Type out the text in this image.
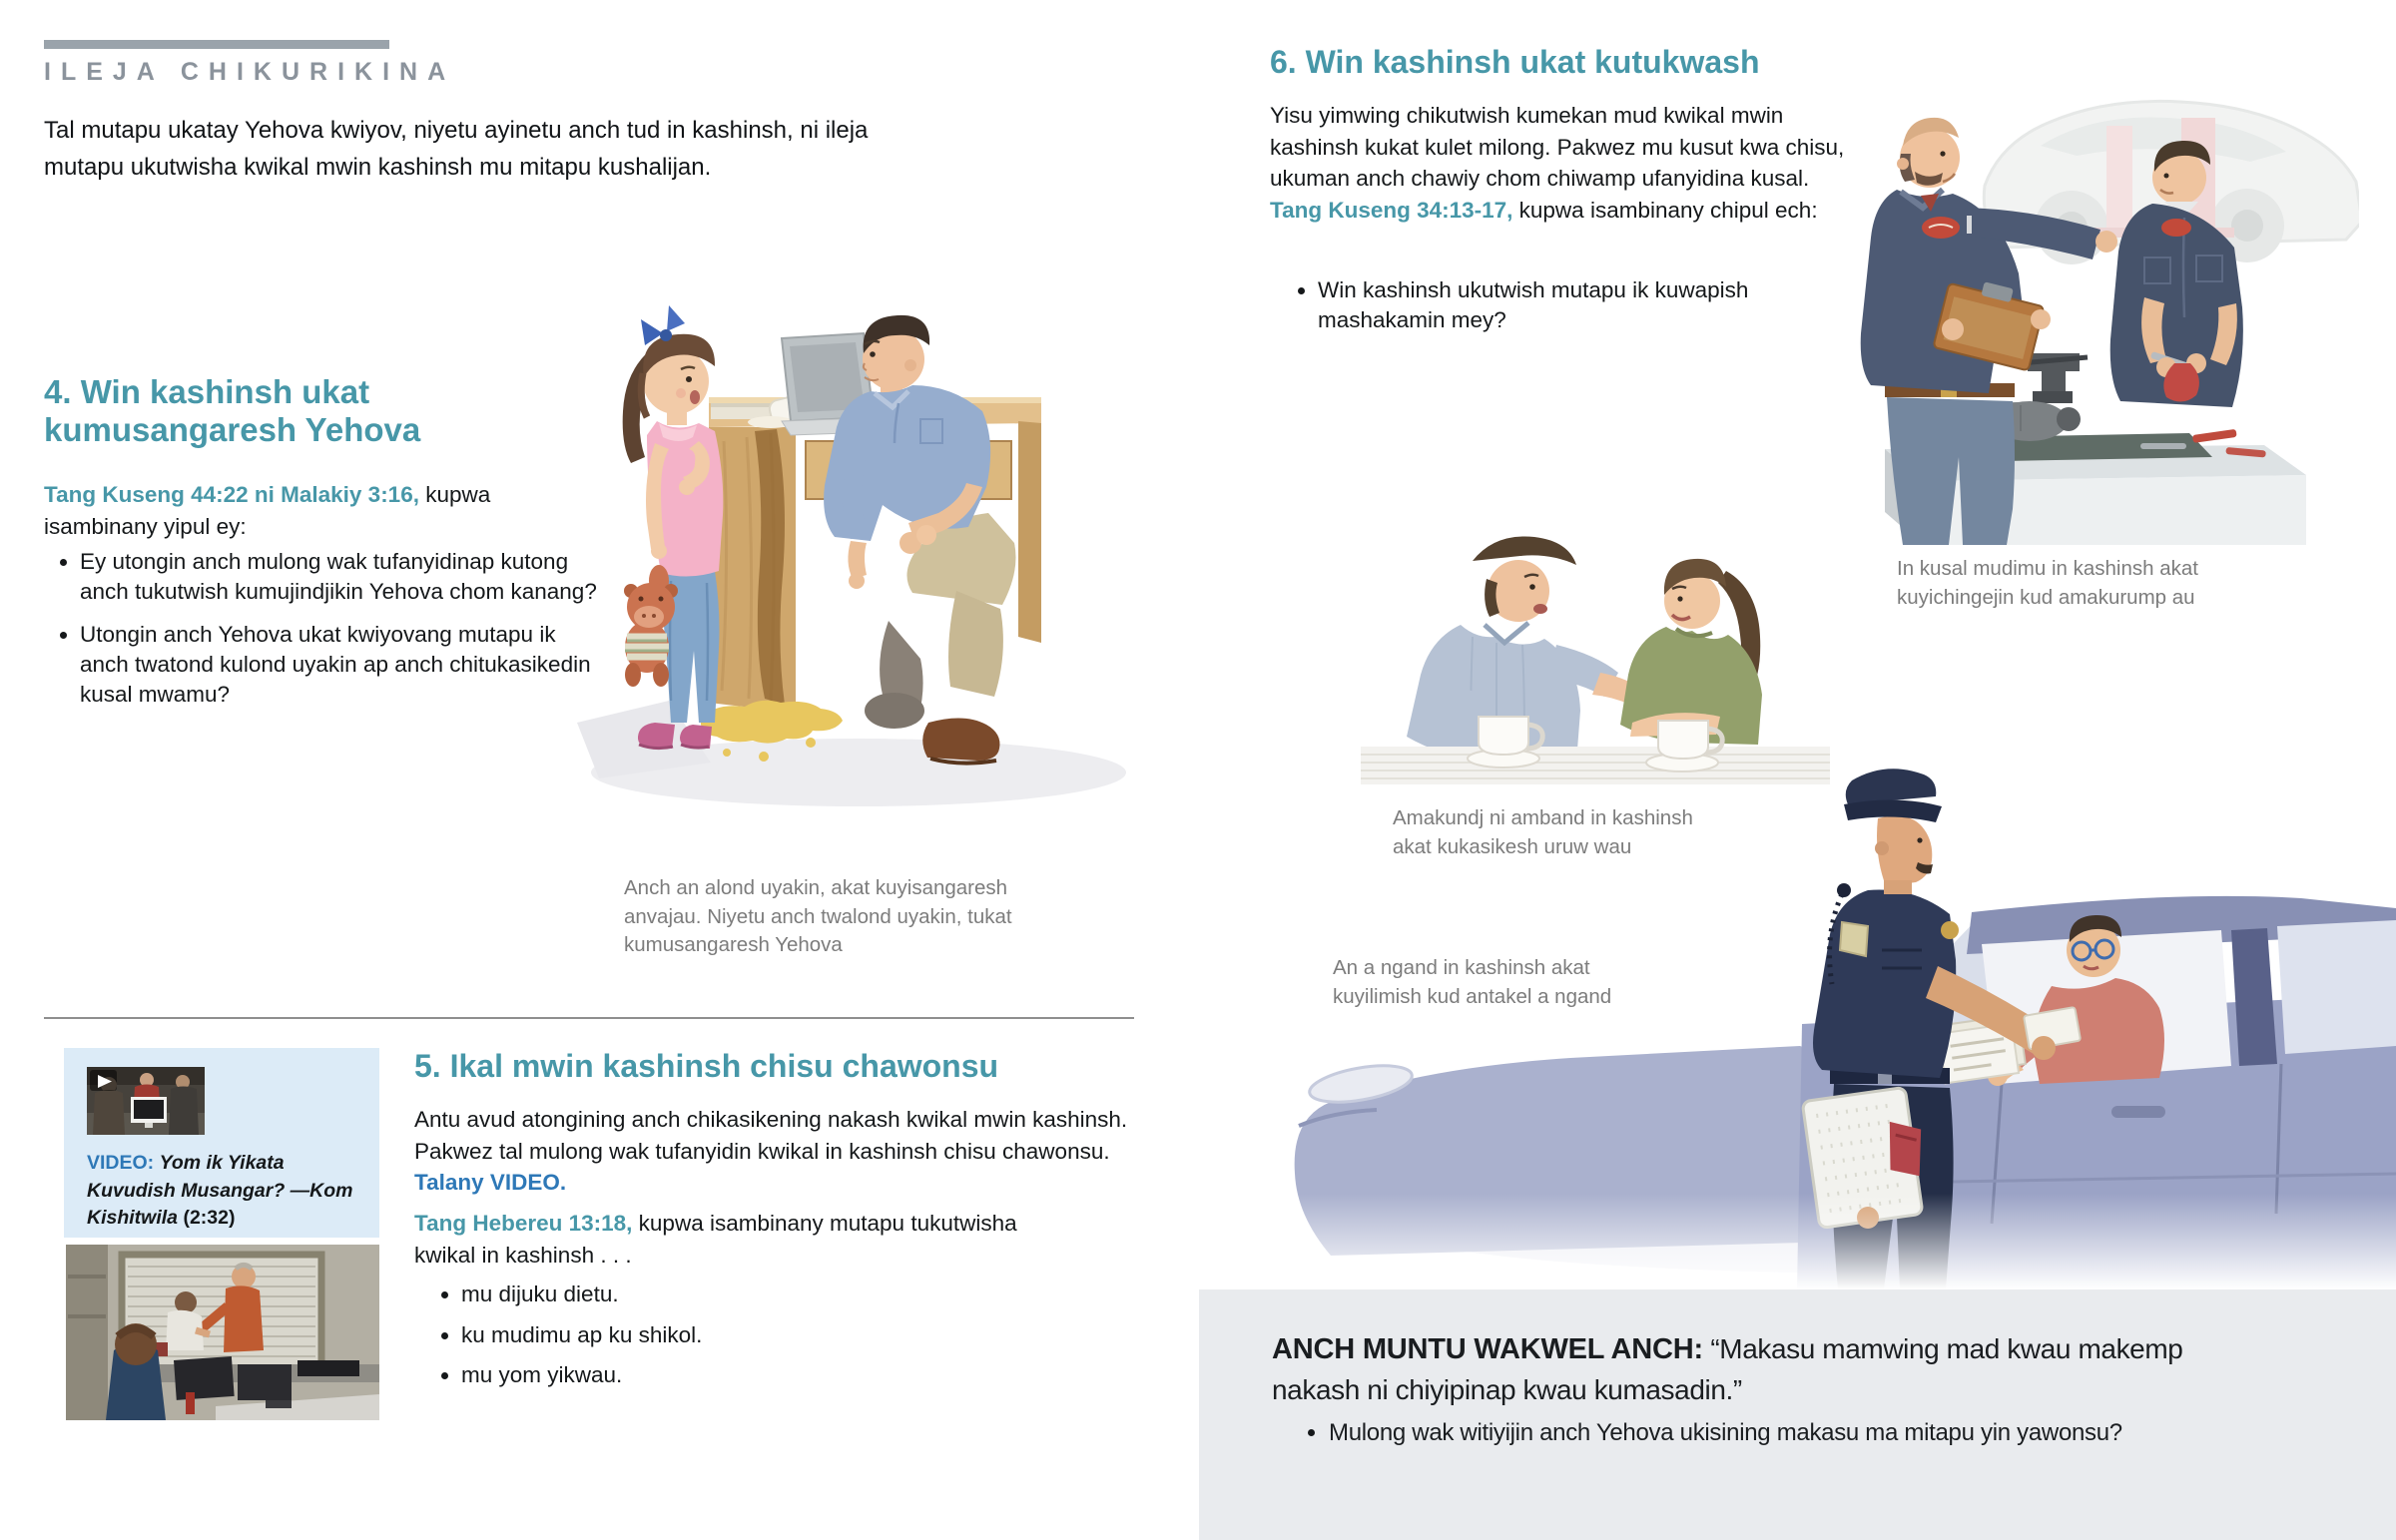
ILEJA CHIKURIKINA

Tal mutapu ukatay Yehova kwiyov, niyetu ayinetu anch tud in kashinsh, ni ileja mutapu ukutwisha kwikal mwin kashinsh mu mitapu kushalijan.

4. Win kashinsh ukat kumusangaresh Yehova

Tang Kuseng 44:22 ni Malakiy 3:16, kupwa isambinany yipul ey:

• Ey utongin anch mulong wak tufanyidinap kutong anch tukutwish kumujindjikin Yehova chom kanang?
• Utongin anch Yehova ukat kwiyovang mutapu ik anch twatond kulond uyakin ap anch chitukasikedin kusal mwamu?

Anch an alond uyakin, akat kuyisangaresh anvajau. Niyetu anch twalond uyakin, tukat kumusangaresh Yehova

VIDEO: Yom ik Yikata Kuvudish Musangar? —Kom Kishitwila (2:32)

5. Ikal mwin kashinsh chisu chawonsu

Antu avud atongining anch chikasikening nakash kwikal mwin kashinsh. Pakwez tal mulong wak tufanyidin kwikal in kashinsh chisu chawonsu. Talany VIDEO.

Tang Hebereu 13:18, kupwa isambinany mutapu tukutwisha kwikal in kashinsh . . .

• mu dijuku dietu.
• ku mudimu ap ku shikol.
• mu yom yikwau.
6. Win kashinsh ukat kutukwash

Yisu yimwing chikutwish kumekan mud kwikal mwin kashinsh kukat kulet milong. Pakwez mu kusut kwa chisu, ukuman anch chawiy chom chiwamp ufanyidina kusal. Tang Kuseng 34:13-17, kupwa isambinany chipul ech:

• Win kashinsh ukutwish mutapu ik kuwapish mashakamin mey?

In kusal mudimu in kashinsh akat kuyichingejin kud amakurump au

Amakundj ni amband in kashinsh akat kukasikesh uruw wau

An a ngand in kashinsh akat kuyilimish kud antakel a ngand

ANCH MUNTU WAKWEL ANCH: “Makasu mamwing mad kwau makemp nakash ni chiyipinap kwau kumasadin.”

• Mulong wak witiyijin anch Yehova ukisining makasu ma mitapu yin yawonsu?
